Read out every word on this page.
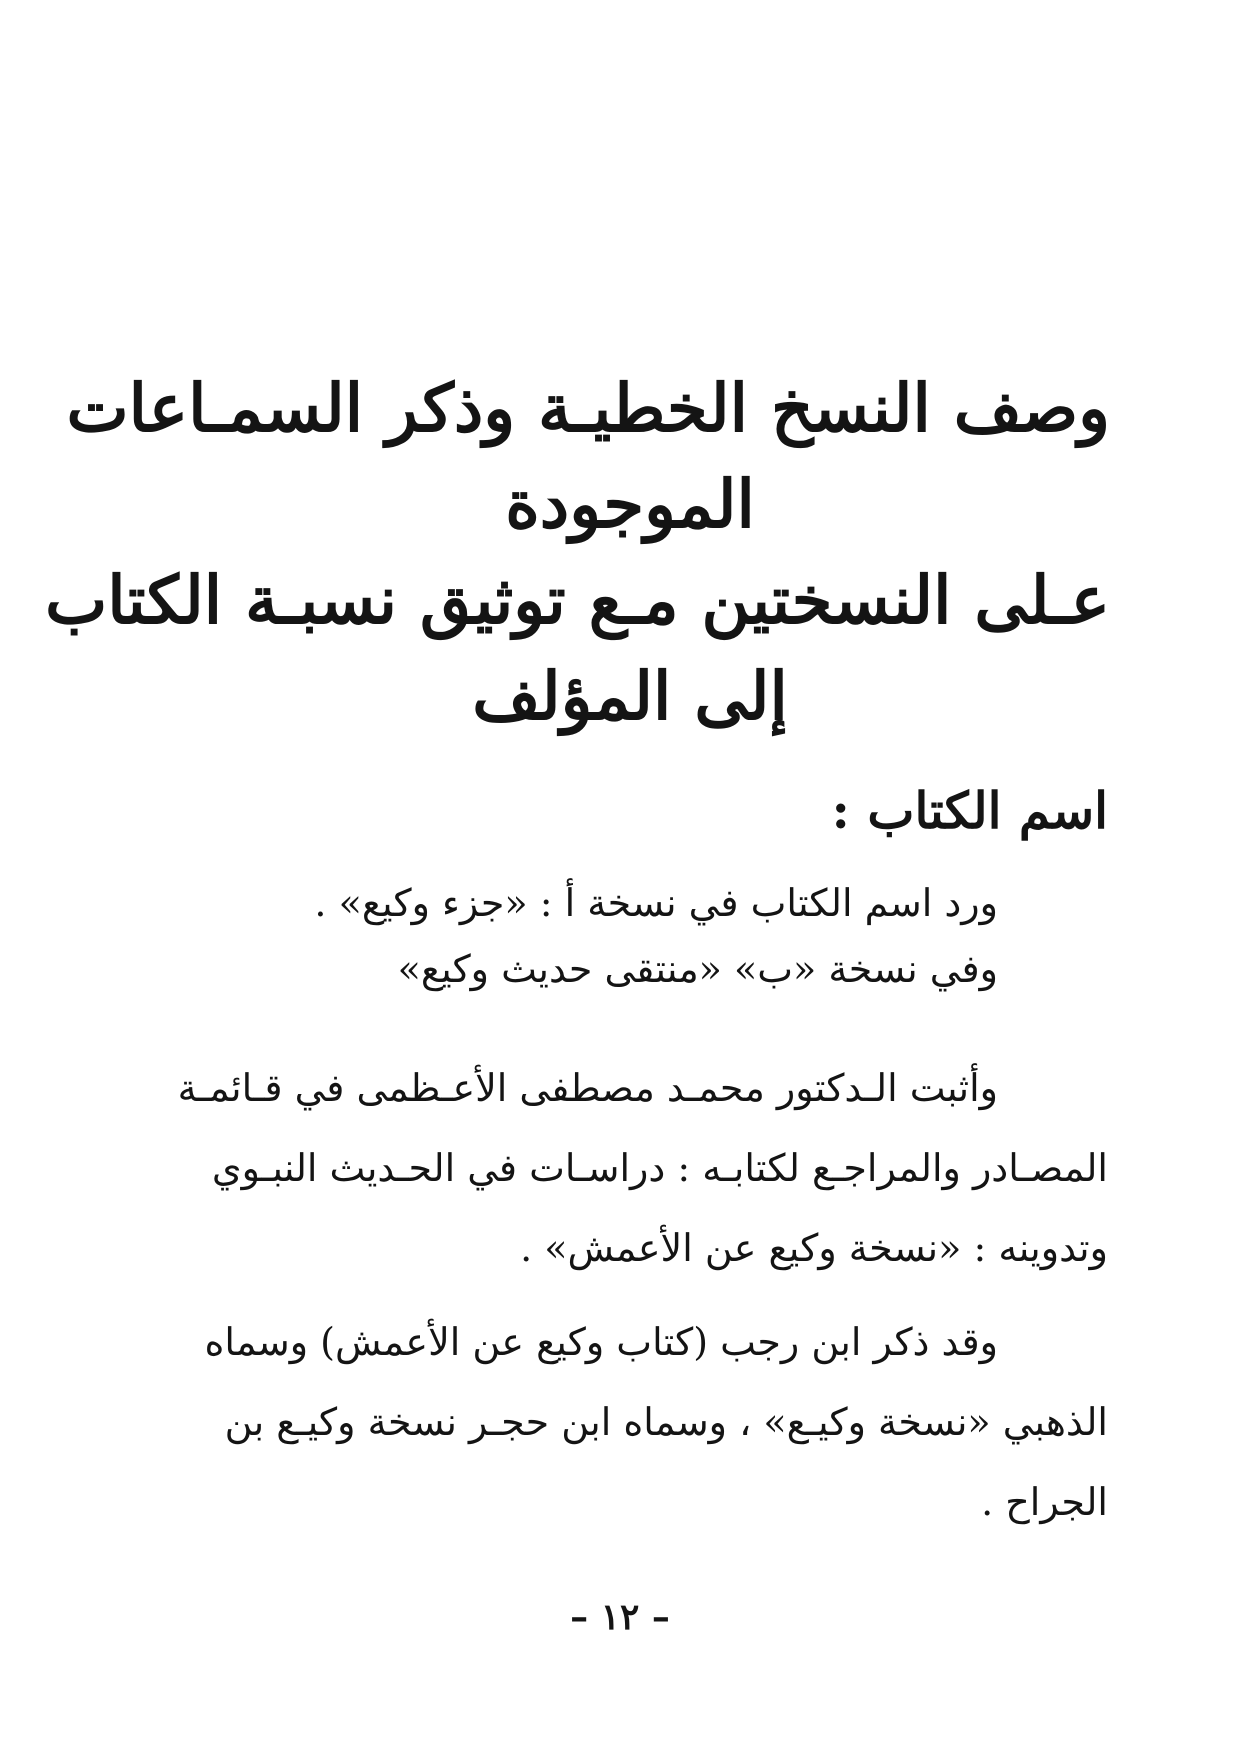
وصف النسخ الخطيـة وذكر السمـاعات

الموجودة

عـلى النسختين مـع توثيق نسبـة الكتاب

إلى المؤلف

اسم الكتاب :
ورد اسم الكتاب في نسخة أ : «جزء وكيع» .
وفي نسخة «ب» «منتقى حديث وكيع»
وأثبت الـدكتور محمـد مصطفى الأعـظمى في قـائمـة
المصـادر والمراجـع لكتابـه : دراسـات في الحـديث النبـوي
وتدوينه : «نسخة وكيع عن الأعمش» .
وقد ذكر ابن رجب (كتاب وكيع عن الأعمش) وسماه
الذهبي «نسخة وكيـع» ، وسماه ابن حجـر نسخة وكيـع بن
الجراح .
– ١٢ –
